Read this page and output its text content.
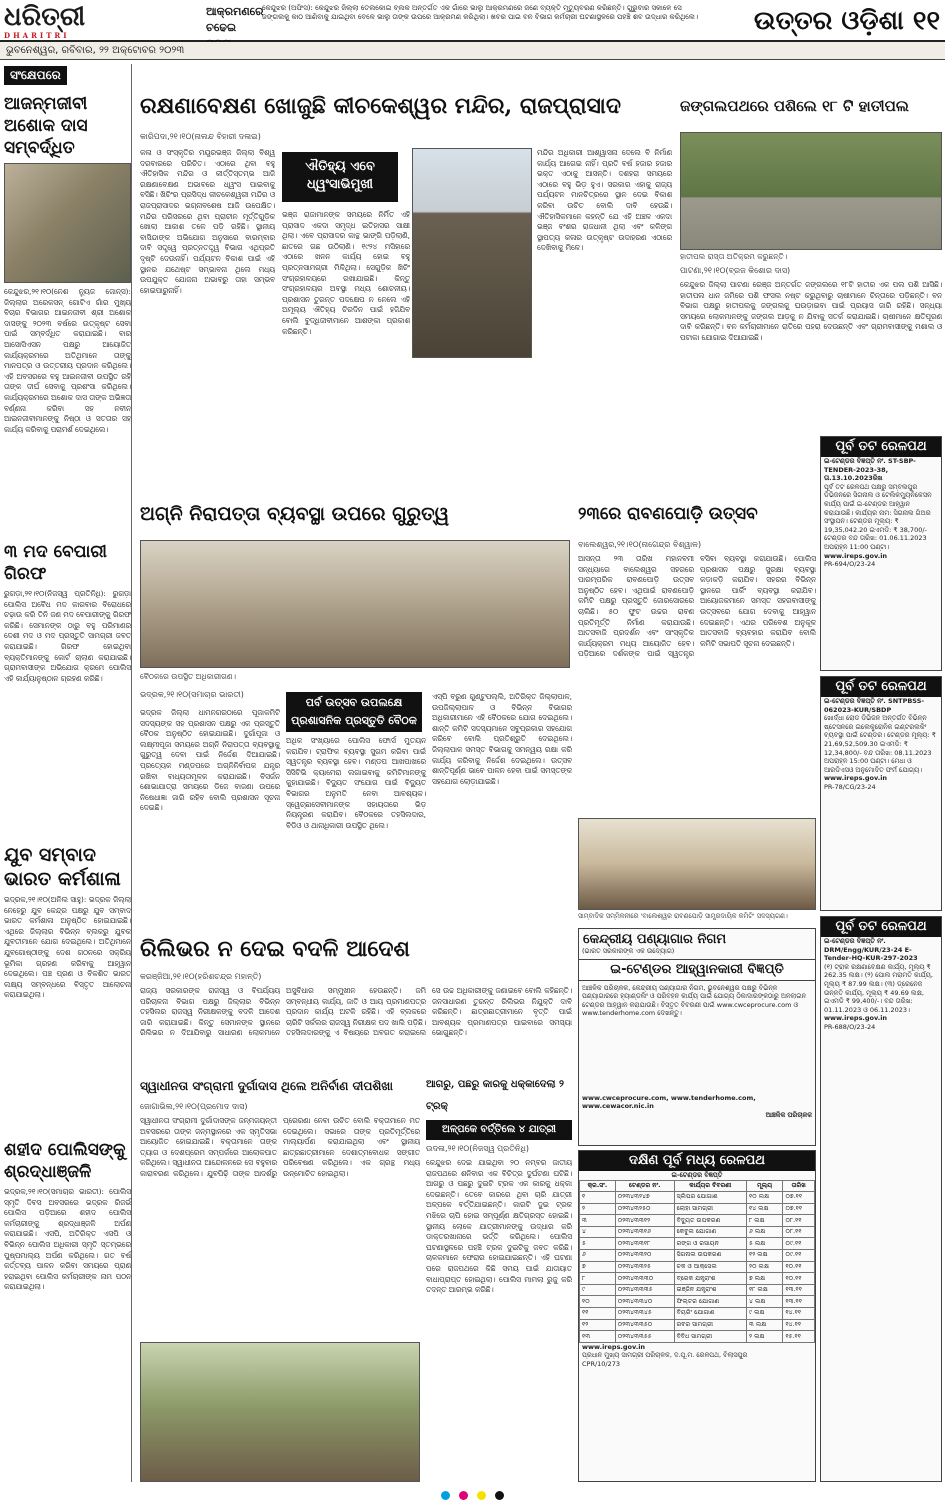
ଧରିତ୍ରୀ
DHARITRI
ଆକ୍ରମଣରେ ଚଢେଇ
କେନ୍ଦୁଝର (ଅଫିସ): କେନ୍ଦୁଝର ଜିଲ୍ଲା ତେଲକୋଇ ବ୍ଲକ ଅନ୍ତର୍ଗତ ଏକ ଗାଁରେ ଭାଲୁ ଆକ୍ରମଣରେ ଜଣେ ବ୍ୟକ୍ତି ମୃତ୍ୟୁବରଣ କରିଛନ୍ତି। ଗୁରୁବାର ସକାଳେ ସେ ଜଙ୍ଗଲକୁ କାଠ ଆଣିବାକୁ ଯାଇଥିବା ବେଳେ ଭାଲୁ ତାଙ୍କ ଉପରେ ଆକ୍ରମଣ କରିଥିଲା। ଖବର ପାଇ ବନ ବିଭାଗ କର୍ମଚାରୀ ଘଟଣାସ୍ଥଳରେ ପହଞ୍ଚି ଶବ ଉଦ୍ଧାର କରିଥିଲେ।	ଉତ୍ତର ଓଡ଼ିଶା ୧୧
ଭୁବନେଶ୍ୱର, ରବିବାର, ୨୨ ଅକ୍ଟୋବର ୨୦୨୩
ସଂକ୍ଷେପରେ
ଆଜନ୍ମଜୀବୀ ଅଶୋକ ଦାସ ସମ୍ବର୍ଦ୍ଧିତ
କେନ୍ଦୁଝର,୨୧।୧୦(ନେଶ ନ୍ୟୁଜ ଜୋନ୍ସ): ଜିଲ୍ଲାର ଅରେକସନ୍ ଗୋଟିଏ ଗାଁର ମୁଖ୍ୟ ବିଚାର ବିଭାଗର ଆଇନଜୀବୀ ଶ୍ରୀ ଅଶୋକ ଦାସଙ୍କୁ ୨୦୨୩ ବର୍ଷରେ ଉତ୍କୃଷ୍ଟ ସେବା ପାଇଁ ସମ୍ବର୍ଦ୍ଧିତ କରାଯାଇଛି। ବାର ଆସୋସିଏସନ ପକ୍ଷରୁ ଆୟୋଜିତ କାର୍ଯ୍ୟକ୍ରମରେ ଅତିଥିମାନେ ତାଙ୍କୁ ମାନପତ୍ର ଓ ଉତ୍ତରୀୟ ପ୍ରଦାନ କରିଥିଲେ। ଏହି ଅବସରରେ ବହୁ ଆଇନଜୀବୀ ଉପସ୍ଥିତ ରହି ତାଙ୍କ ଦୀର୍ଘ ସେବାକୁ ପ୍ରଶଂସା କରିଥିଲେ। କାର୍ଯ୍ୟକ୍ରମରେ ଅଶୋକ ଦାସ ତାଙ୍କ ଅଭିଜ୍ଞତା ବର୍ଣ୍ଣନା କରିବା ସହ ନବୀନ ଆଇନଜୀବୀମାନଙ୍କୁ ନିଷ୍ଠା ଓ ସତତାର ସହ କାର୍ଯ୍ୟ କରିବାକୁ ପରାମର୍ଶ ଦେଇଥିଲେ।
୩ ମଦ ବେପାରୀ ଗିରଫ
ରୁଗଡ଼ା,୨୧।୧୦(ନିଜସ୍ୱ ପ୍ରତିନିଧି): ରୁଗଡ଼ା ପୋଲିସ ଅବୈଧ ମଦ କାରବାର ବିରୋଧରେ ଚଢ଼ାଉ କରି ତିନି ଜଣ ମଦ ବେପାରୀଙ୍କୁ ଗିରଫ କରିଛି। ସେମାନଙ୍କ ଠାରୁ ବହୁ ପରିମାଣର ଦେଶୀ ମଦ ଓ ମଦ ପ୍ରସ୍ତୁତି ସାମଗ୍ରୀ ଜବତ କରାଯାଇଛି। ଗିରଫ ହୋଇଥିବା ବ୍ୟକ୍ତିମାନଙ୍କୁ କୋର୍ଟ ଚାଲାଣ କରାଯାଇଛି। ଗ୍ରାମବାସୀଙ୍କ ଅଭିଯୋଗ କ୍ରମେ ପୋଲିସ ଏହି କାର୍ଯ୍ୟାନୁଷ୍ଠାନ ଗ୍ରହଣ କରିଛି।
ଯୁବ ସମ୍ବାଦ ଭାରତ କର୍ମଶାଳା
ଭଦ୍ରକ,୨୧।୧୦(ଅନିଲ ସାହୁ): ଭଦ୍ରକ ଜିଲ୍ଲା ନେହେରୁ ଯୁବ କେନ୍ଦ୍ର ପକ୍ଷରୁ ଯୁବ ସମ୍ବାଦ ଭାରତ କର୍ମଶାଳା ଅନୁଷ୍ଠିତ ହୋଇଯାଇଛି। ଏଥିରେ ଜିଲ୍ଲାର ବିଭିନ୍ନ ବ୍ଲକରୁ ଯୁବକ ଯୁବତୀମାନେ ଯୋଗ ଦେଇଥିଲେ। ଅତିଥିମାନେ ଯୁବଗୋଷ୍ଠୀଙ୍କୁ ଦେଶ ଗଠନରେ ସକ୍ରିୟ ଭୂମିକା ଗ୍ରହଣ କରିବାକୁ ଆହ୍ୱାନ ଦେଇଥିଲେ। ପଞ୍ଚ ପ୍ରଣ ଓ ବିକଶିତ ଭାରତ ଲକ୍ଷ୍ୟ ସମ୍ବନ୍ଧରେ ବିସ୍ତୃତ ଆଲୋଚନା କରାଯାଇଥିଲା।
ଶହୀଦ ପୋଲିସଙ୍କୁ ଶ୍ରଦ୍ଧାଞ୍ଜଳି
ଭଦ୍ରକ,୨୧।୧୦(ସମାଚାର ଭାରତୀ): ପୋଲିସ ସ୍ମୃତି ଦିବସ ଅବସରରେ ଭଦ୍ରକ ରିଜର୍ଭ ପୋଲିସ ପଡ଼ିଆରେ ଶହୀଦ ପୋଲିସ କର୍ମଚାରୀଙ୍କୁ ଶ୍ରଦ୍ଧାଞ୍ଜଳି ଅର୍ପଣ କରାଯାଇଛି। ଏସପି, ଅତିରିକ୍ତ ଏସପି ଓ ବିଭିନ୍ନ ପୋଲିସ ଅଧିକାରୀ ସ୍ମୃତି ସ୍ତମ୍ଭରେ ପୁଷ୍ପମାଲ୍ୟ ଅର୍ପଣ କରିଥିଲେ। ଗତ ବର୍ଷ କର୍ତ୍ତବ୍ୟ ପାଳନ କରିବା ସମୟରେ ପ୍ରାଣ ହରାଇଥିବା ପୋଲିସ କର୍ମଚାରୀଙ୍କ ନାମ ପଠନ କରାଯାଇଥିଲା।
ରକ୍ଷଣାବେକ୍ଷଣ ଖୋଜୁଛି କୀଚକେଶ୍ୱର ମନ୍ଦିର, ରାଜପ୍ରାସାଦ
କାରିପଦା,୨୧।୧୦(ନାଲନ୍ଦ ବିହାରୀ ଦଳାଇ)
ଐତିହ୍ୟ ଏବେ ଧ୍ୱଂସାଭିମୁଖୀ
କଳା ଓ ସଂସ୍କୃତିର ମୟୂରଭଞ୍ଜ ଜିଲ୍ଲା ବିଶ୍ୱ ଦରବାରରେ ପରିଚିତ। ଏଠାରେ ଥିବା ବହୁ ଐତିହାସିକ ମନ୍ଦିର ଓ କୀର୍ତ୍ତିସ୍ତମ୍ଭ ଆଜି ରକ୍ଷଣାବେକ୍ଷଣ ଅଭାବରେ ଧ୍ୱଂସ ପାଇବାକୁ ବସିଛି। ଖିଚିଂର ପ୍ରସିଦ୍ଧ କୀଚକେଶ୍ୱରୀ ମନ୍ଦିର ଓ ରାଜପ୍ରାସାଦର ଭଗ୍ନାବଶେଷ ଆଜି ଉପେକ୍ଷିତ। ମନ୍ଦିର ପରିସରରେ ଥିବା ପ୍ରାଚୀନ ମୂର୍ତ୍ତିଗୁଡ଼ିକ ଖୋଲା ଆକାଶ ତଳେ ପଡ଼ି ରହିଛି। ସ୍ଥାନୀୟ ବାସିନ୍ଦାଙ୍କ ଅଭିଯୋଗ ଅନୁସାରେ ବାରମ୍ବାର ଦାବି ସତ୍ତ୍ୱେ ପ୍ରତ୍ନତତ୍ତ୍ୱ ବିଭାଗ ଏଥିପ୍ରତି ଦୃଷ୍ଟି ଦେଉନାହିଁ। ପର୍ଯ୍ୟଟନ ବିକାଶ ପାଇଁ ଏହି ସ୍ଥାନର ଯଥେଷ୍ଟ ସମ୍ଭାବନା ଥିଲେ ମଧ୍ୟ ଉପଯୁକ୍ତ ଯୋଜନା ଅଭାବରୁ ତାହା ସମ୍ଭବ ହୋଇପାରୁନାହିଁ।
ଭଞ୍ଜ ରାଜାମାନଙ୍କ ସମୟରେ ନିର୍ମିତ ଏହି ପ୍ରାସାଦ ଏକଦା ସମୃଦ୍ଧ ଇତିହାସର ସାକ୍ଷୀ ଥିଲା। ଏବେ ପ୍ରାସାଦର କାନ୍ଥ ଭାଙ୍ଗି ପଡ଼ିଲାଣି, ଛାତରେ ଗଛ ଉଠିଲାଣି। ୧୯୨୪ ମସିହାରେ ଏଠାରେ ଖନନ କାର୍ଯ୍ୟ ହୋଇ ବହୁ ପ୍ରତ୍ନସାମଗ୍ରୀ ମିଳିଥିଲା। ସେଗୁଡ଼ିକ ଖିଚିଂ ସଂଗ୍ରହାଳୟରେ ରଖାଯାଇଛି। କିନ୍ତୁ ସଂଗ୍ରହାଳୟର ଅବସ୍ଥା ମଧ୍ୟ ଶୋଚନୀୟ। ପ୍ରଶାସନ ତୁରନ୍ତ ପଦକ୍ଷେପ ନ ନେଲେ ଏହି ଅମୂଲ୍ୟ ଐତିହ୍ୟ ଚିରଦିନ ପାଇଁ ହଜିଯିବ ବୋଲି ବୁଦ୍ଧିଜୀବୀମାନେ ଆଶଙ୍କା ପ୍ରକାଶ କରିଛନ୍ତି।
ମନ୍ଦିର ଅଧିକାରୀ ଆଶ୍ୱାସନା ଦେଲେ ବି ନିର୍ମାଣ କାର୍ଯ୍ୟ ଆଗେଇ ନାହିଁ। ପ୍ରତି ବର୍ଷ ହଜାର ହଜାର ଭକ୍ତ ଏଠାକୁ ଆସନ୍ତି। ଦଶହରା ସମୟରେ ଏଠାରେ ବହୁ ଭିଡ଼ ହୁଏ। ସରକାର ଏହାକୁ ରାଜ୍ୟ ପର୍ଯ୍ୟଟନ ମାନଚିତ୍ରରେ ସ୍ଥାନ ଦେଇ ବିକାଶ କରିବା ଉଚିତ ବୋଲି ଦାବି ହେଉଛି। ଐତିହାସିକମାନେ କହନ୍ତି ଯେ ଏହି ଅଞ୍ଚଳ ଏକଦା ଭଞ୍ଜ ବଂଶର ରାଜଧାନୀ ଥିଲା ଏବଂ କଳିଙ୍ଗ ସ୍ଥାପତ୍ୟ କଳାର ଉତ୍କୃଷ୍ଟ ଉଦାହରଣ ଏଠାରେ ଦେଖିବାକୁ ମିଳେ।
ଜଙ୍ଗଲପଥରେ ପଶିଲେ ୧୮ ଟି ହାତୀପଲ
ହାତୀପଲ ରାସ୍ତା ଅତିକ୍ରମ କରୁଛନ୍ତି।
ପାଟଣା,୨୧।୧୦(ବ୍ରଜ କିଶୋର ଦାସ)
କେନ୍ଦୁଝର ଜିଲ୍ଲା ପାଟଣା ରେଞ୍ଜ ଅନ୍ତର୍ଗତ ଜଙ୍ଗଲରେ ୧୮ଟି ହାତୀର ଏକ ପଲ ପଶି ଆସିଛି। ହାତୀପଲ ଧାନ ଜମିରେ ପଶି ଫସଲ ନଷ୍ଟ କରୁଥିବାରୁ ଚାଷୀମାନେ ଚିନ୍ତାରେ ପଡ଼ିଛନ୍ତି। ବନ ବିଭାଗ ପକ୍ଷରୁ ହାତୀପଲକୁ ଜଙ୍ଗଲକୁ ଘଉଡ଼ାଇବା ପାଇଁ ପ୍ରୟାସ ଜାରି ରହିଛି। ସନ୍ଧ୍ୟା ସମୟରେ ଲୋକମାନଙ୍କୁ ଜଙ୍ଗଲ ଆଡ଼କୁ ନ ଯିବାକୁ ସତର୍କ କରାଯାଇଛି। ଚାଷୀମାନେ କ୍ଷତିପୂରଣ ଦାବି କରିଛନ୍ତି। ବନ କର୍ମଚାରୀମାନେ ରାତିରେ ପହରା ଦେଉଛନ୍ତି ଏବଂ ଗ୍ରାମବାସୀଙ୍କୁ ମଶାଲ ଓ ପଟାକା ଯୋଗାଇ ଦିଆଯାଇଛି।
ପୂର୍ବ ତଟ ରେଳପଥ
ଇ-ଟେଣ୍ଡର ବିଜ୍ଞପ୍ତି ନଂ. ST-SBP-TENDER-2023-38, ତା.13.10.2023ରିଖ
ପୂର୍ବ ତଟ ରେଳପଥ ପକ୍ଷରୁ ସମ୍ବଲପୁର ଡିଭିଜନରେ ସିଗନାଲ ଓ ଟେଲିକମ୍ୟୁନିକେସନ କାର୍ଯ୍ୟ ପାଇଁ ଇ-ଟେଣ୍ଡର ଆହ୍ୱାନ କରାଯାଉଛି। କାର୍ଯ୍ୟର ନାମ: ସିଗନାଲ ଗିଅର ସଂସ୍ଥାପନ। ଟେଣ୍ଡର ମୂଲ୍ୟ: ₹ 19,35,042.20 ଇଏମଡି: ₹ 38,700/- ଟେଣ୍ଡର ବନ୍ଦ ତାରିଖ: 01.06.11.2023 ଅପରାହ୍ନ 11:00 ଘଣ୍ଟା।
www.ireps.gov.in
PR-694/O/23-24
ପୂର୍ବ ତଟ ରେଳପଥ
ଇ-ଟେଣ୍ଡର ବିଜ୍ଞପ୍ତି ନଂ. SNTPBSS-062023-KUR/SBDP
ଖୋର୍ଦ୍ଧା ରୋଡ ଡିଭିଜନ ଅନ୍ତର୍ଗତ ବିଭିନ୍ନ ଷ୍ଟେସନରେ ଇଲେକ୍ଟ୍ରୋନିକ ଇଣ୍ଟରଲକିଂ ବ୍ୟବସ୍ଥା ପାଇଁ ଟେଣ୍ଡର। ଟେଣ୍ଡର ମୂଲ୍ୟ: ₹ 21,69,52,509.30 ଇଏମଡି: ₹ 12,34,800/- ବନ୍ଦ ତାରିଖ: 08.11.2023 ଅପରାହ୍ନ 15:00 ଘଣ୍ଟା। ମେଧା ଓ ଆରଡିଏସଓ ଅନୁମୋଦିତ ଫର୍ମ ଯୋଗ୍ୟ।
www.ireps.gov.in
PR-78/CG/23-24
ପୂର୍ବ ତଟ ରେଳପଥ
ଇ-ଟେଣ୍ଡର ବିଜ୍ଞପ୍ତି ନଂ. DRM/Engg/KUR/23-24 E-Tender-HQ-KUR-297-2023
(୧) ଟ୍ରାକ ରକ୍ଷଣାବେକ୍ଷଣ କାର୍ଯ୍ୟ, ମୂଲ୍ୟ ₹ 262.35 ଲକ୍ଷ। (୨) ପୋଲ ମରାମତି କାର୍ଯ୍ୟ, ମୂଲ୍ୟ ₹ 87.99 ଲକ୍ଷ। (୩) ଡ୍ରେନେଜ ଉନ୍ନତି କାର୍ଯ୍ୟ, ମୂଲ୍ୟ ₹ 49.69 ଲକ୍ଷ, ଇଏମଡି ₹ 99,400/-। ବନ୍ଦ ତାରିଖ: 01.11.2023 ଓ 06.11.2023।
www.ireps.gov.in
PR-688/O/23-24
ଅଗ୍ନି ନିରାପତ୍ତା ବ୍ୟବସ୍ଥା ଉପରେ ଗୁରୁତ୍ୱ
ବୈଠକରେ ଉପସ୍ଥିତ ଅଧିକାରୀଗଣ।
ଭଦ୍ରକ,୨୧।୧୦(ସମାଚାର ଭାରତୀ)
ପର୍ବ ଉତ୍ସବ ଉପଲକ୍ଷେ ପ୍ରଶାସନିକ ପ୍ରସ୍ତୁତି ବୈଠକ
ଭଦ୍ରକ ଜିଲ୍ଲା ଧାମନଗରଠାରେ ପୂଜାକମିଟି ସଦସ୍ୟଙ୍କ ସହ ପ୍ରଶାସନ ପକ୍ଷରୁ ଏକ ପ୍ରସ୍ତୁତି ବୈଠକ ଅନୁଷ୍ଠିତ ହୋଇଯାଇଛି। ଦୁର୍ଗାପୂଜା ଓ ଲକ୍ଷ୍ମୀପୂଜା ସମୟରେ ଅଗ୍ନି ନିରାପତ୍ତା ବ୍ୟବସ୍ଥାକୁ ଗୁରୁତ୍ୱ ଦେବା ପାଇଁ ନିର୍ଦ୍ଦେଶ ଦିଆଯାଇଛି। ପ୍ରତ୍ୟେକ ମଣ୍ଡପରେ ଅଗ୍ନିନିର୍ବାପକ ଯନ୍ତ୍ର ରଖିବା ବାଧ୍ୟତାମୂଳକ କରାଯାଇଛି। ବିସର୍ଜନ ଶୋଭାଯାତ୍ରା ସମୟରେ ଡିଜେ ବାଜଣା ଉପରେ ନିଷେଧାଜ୍ଞା ଜାରି ରହିବ ବୋଲି ପ୍ରଶାସନ ସୂଚନା ଦେଇଛି।
ଅଧିକ ସଂଖ୍ୟାରେ ପୋଲିସ ଫୋର୍ସ ମୁତୟନ କରାଯିବ। ଟ୍ରାଫିକ ବ୍ୟବସ୍ଥା ସୁଗମ କରିବା ପାଇଁ ସ୍ୱତନ୍ତ୍ର ବ୍ୟବସ୍ଥା ହେବ। ମଣ୍ଡପ ଆଖପାଖରେ ସିସିଟିଭି କ୍ୟାମେରା ଲଗାଇବାକୁ କମିଟିମାନଙ୍କୁ କୁହାଯାଇଛି। ବିଦ୍ୟୁତ ସଂଯୋଗ ପାଇଁ ବିଦ୍ୟୁତ ବିଭାଗର ଅନୁମତି ନେବା ଆବଶ୍ୟକ। ସ୍ୱେଚ୍ଛାସେବୀମାନଙ୍କ ସହାୟତାରେ ଭିଡ଼ ନିୟନ୍ତ୍ରଣ କରାଯିବ। ବୈଠକରେ ତହସିଲଦାର, ବିଡିଓ ଓ ଥାନାଧିକାରୀ ଉପସ୍ଥିତ ଥିଲେ।
ଏସ୍‌ପି ବରୁଣ ଗୁଣ୍ଟୁପଲ୍ଲି, ଅତିରିକ୍ତ ଜିଲ୍ଲାପାଳ, ଉପଜିଲ୍ଲାପାଳ ଓ ବିଭିନ୍ନ ବିଭାଗର ଅଧିକାରୀମାନେ ଏହି ବୈଠକରେ ଯୋଗ ଦେଇଥିଲେ। ଶାନ୍ତି କମିଟି ସଦସ୍ୟମାନେ ସବୁପ୍ରକାର ସହଯୋଗ କରିବେ ବୋଲି ପ୍ରତିଶ୍ରୁତି ଦେଇଥିଲେ। ଜିଲ୍ଲାପାଳ ସମସ୍ତ ବିଭାଗକୁ ସମନ୍ୱୟ ରକ୍ଷା କରି କାର୍ଯ୍ୟ କରିବାକୁ ନିର୍ଦ୍ଦେଶ ଦେଇଥିଲେ। ଉତ୍ସବ ଶାନ୍ତିପୂର୍ଣ୍ଣ ଭାବେ ପାଳନ ହେବା ପାଇଁ ସମସ୍ତଙ୍କ ସହଯୋଗ ଲୋଡ଼ାଯାଇଛି।
୨୩ରେ ରାବଣପୋଡ଼ି ଉତ୍ସବ
ବାଲେଶ୍ୱର,୨୧।୧୦(ନାଗେନ୍ଦ୍ର ବିଶ୍ୱାଳ)
ଆସନ୍ତା ୨୩ ତାରିଖ ମହାନବମୀ ସନ୍ଧ୍ୟାରେ ବାଲେଶ୍ୱର ସହରରେ ପାରମ୍ପରିକ ରାବଣପୋଡ଼ି ଉତ୍ସବ ଅନୁଷ୍ଠିତ ହେବ। ଏଥିପାଇଁ ରାବଣପୋଡ଼ି କମିଟି ପକ୍ଷରୁ ପ୍ରସ୍ତୁତି ଜୋରସୋରରେ ଚାଲିଛି। ୫୦ ଫୁଟ ଉଚ୍ଚର ରାବଣ ପ୍ରତିମୂର୍ତ୍ତି ନିର୍ମାଣ କରାଯାଉଛି। ଆତସବାଜି ପ୍ରଦର୍ଶନ ଏବଂ ସାଂସ୍କୃତିକ କାର୍ଯ୍ୟକ୍ରମ ମଧ୍ୟ ଆୟୋଜିତ ହେବ। ପଡ଼ିଆରେ ଦର୍ଶକଙ୍କ ପାଇଁ ସ୍ୱତନ୍ତ୍ର ବସିବା ବ୍ୟବସ୍ଥା କରାଯାଉଛି। ପୋଲିସ ପ୍ରଶାସନ ପକ୍ଷରୁ ସୁରକ୍ଷା ବ୍ୟବସ୍ଥା କଡ଼ାକଡ଼ି କରାଯିବ। ସହରର ବିଭିନ୍ନ ସ୍ଥାନରେ ପାର୍କିଂ ବ୍ୟବସ୍ଥା କରାଯିବ। ଆୟୋଜକମାନେ ସମସ୍ତ ସହରବାସୀଙ୍କୁ ଉତ୍ସବରେ ଯୋଗ ଦେବାକୁ ଆହ୍ୱାନ ଦେଇଛନ୍ତି। ଏଥର ପରିବେଶ ଅନୁକୂଳ ଆତସବାଜି ବ୍ୟବହାର କରାଯିବ ବୋଲି କମିଟି ସଭାପତି ସୂଚନା ଦେଇଛନ୍ତି।
ସାମ୍ବାଦିକ ସମ୍ମିଳନୀରେ 'ବାଲେଶ୍ୱର ରାବଣପୋଡ଼ି ସାମ୍ପ୍ରଦାୟିକ କମିଟି' ସଦସ୍ୟଗଣ।
ରିଲିଭର ନ ଦେଇ ବଦଳି ଆଦେଶ
କରଞ୍ଜିଆ,୨୧।୧୦(ହରିଶଚନ୍ଦ୍ର ମହାନ୍ତି)
ରାଜ୍ୟ ସରକାରଙ୍କ ରାଜସ୍ୱ ଓ ବିପର୍ଯ୍ୟୟ ପରିଚାଳନା ବିଭାଗ ପକ୍ଷରୁ ଜିଲ୍ଲାର ବିଭିନ୍ନ ତହସିଲର ରାଜସ୍ୱ ନିରୀକ୍ଷକଙ୍କୁ ବଦଳି ଆଦେଶ ଜାରି କରାଯାଇଛି। କିନ୍ତୁ ସେମାନଙ୍କ ସ୍ଥାନରେ ରିଲିଭର ନ ଦିଆଯିବାରୁ ସାଧାରଣ ଲୋକମାନେ ଅସୁବିଧାର ସମ୍ମୁଖୀନ ହେଉଛନ୍ତି। ଜମି ସମ୍ବନ୍ଧୀୟ କାର୍ଯ୍ୟ, ଜାତି ଓ ଆୟ ପ୍ରମାଣପତ୍ର ପ୍ରଦାନ କାର୍ଯ୍ୟ ଅଟକି ରହିଛି। ଏହି ବ୍ଲକରେ ଚାରିଟି ସର୍କଲର ରାଜସ୍ୱ ନିରୀକ୍ଷକ ପଦ ଖାଲି ପଡ଼ିଛି। ତହସିଲଦାରଙ୍କୁ ଏ ବିଷୟରେ ଅବଗତ କରାଇଲେ ସେ ଉଚ୍ଚ ଅଧିକାରୀଙ୍କୁ ଜଣାଇବେ ବୋଲି କହିଛନ୍ତି। ଜନସାଧାରଣ ତୁରନ୍ତ ରିଲିଭର ନିଯୁକ୍ତି ଦାବି କରିଛନ୍ତି। ଛାତ୍ରଛାତ୍ରୀମାନେ ବୃତ୍ତି ପାଇଁ ଆବଶ୍ୟକ ପ୍ରମାଣପତ୍ର ପାଇବାରେ ସମସ୍ୟା ଭୋଗୁଛନ୍ତି।
ସ୍ୱାଧୀନତା ସଂଗ୍ରାମୀ ଦୁର୍ଗାଦାସ ଥିଲେ ଅନିର୍ବାଣ ଦୀପଶିଖା
ଜୋଗାଭିଲ,୨୧।୧୦(ପ୍ରମୋଦ ଦାସ)
ସ୍ୱାଧୀନତା ସଂଗ୍ରାମୀ ଦୁର୍ଗାଦାସଙ୍କ ଜନ୍ମଜୟନ୍ତୀ ଅବସରରେ ତାଙ୍କ ଜନ୍ମସ୍ଥାନରେ ଏକ ସ୍ମୃତିସଭା ଆୟୋଜିତ ହୋଇଯାଇଛି। ବକ୍ତାମାନେ ତାଙ୍କ ତ୍ୟାଗ ଓ ଦେଶପ୍ରେମ ସମ୍ପର୍କରେ ଆଲୋକପାତ କରିଥିଲେ। ସ୍ୱାଧୀନତା ଆନ୍ଦୋଳନରେ ସେ ବହୁବାର କାରାବରଣ କରିଥିଲେ। ଯୁବପିଢ଼ି ତାଙ୍କ ଆଦର୍ଶରୁ ପ୍ରେରଣା ନେବା ଉଚିତ ବୋଲି ବକ୍ତାମାନେ ମତ ଦେଇଥିଲେ। ସଭାରେ ତାଙ୍କ ପ୍ରତିମୂର୍ତ୍ତିରେ ମାଲ୍ୟାର୍ପଣ କରାଯାଇଥିଲା ଏବଂ ସ୍ଥାନୀୟ ଛାତ୍ରଛାତ୍ରୀମାନେ ଦେଶାତ୍ମବୋଧକ ସଙ୍ଗୀତ ପରିବେଷଣ କରିଥିଲେ। ଏକ ଗ୍ରନ୍ଥ ମଧ୍ୟ ଉନ୍ମୋଚିତ ହୋଇଥିଲା।
ଆଗରୁ, ପଛରୁ କାରକୁ ଧକ୍କାଦେଲା ୨ ଟ୍ରକ୍‌
ଅଳ୍ପକେ ବର୍ତ୍ତିଲେ ୪ ଯାତ୍ରୀ
ଉଦଳା,୨୧।୧୦(ନିଜସ୍ୱ ପ୍ରତିନିଧି)
କେନ୍ଦୁଝର ଦେଇ ଯାଇଥିବା ୨୦ ନମ୍ବର ଜାତୀୟ ରାଜପଥରେ ଶନିବାର ଏକ ବିଚିତ୍ର ଦୁର୍ଘଟଣା ଘଟିଛି। ଆଗରୁ ଓ ପଛରୁ ଦୁଇଟି ଟ୍ରକ ଏକ କାରକୁ ଧକ୍କା ଦେଇଛନ୍ତି। ତେବେ କାରରେ ଥିବା ଚାରି ଯାତ୍ରୀ ଅଳ୍ପକେ ବର୍ତ୍ତିଯାଇଛନ୍ତି। କାରଟି ଦୁଇ ଟ୍ରକ ମଝିରେ ଚାପି ହୋଇ ସମ୍ପୂର୍ଣ୍ଣ କ୍ଷତିଗ୍ରସ୍ତ ହୋଇଛି। ସ୍ଥାନୀୟ ଲୋକେ ଯାତ୍ରୀମାନଙ୍କୁ ଉଦ୍ଧାର କରି ଡାକ୍ତରଖାନାରେ ଭର୍ତ୍ତି କରିଥିଲେ। ପୋଲିସ ଘଟଣାସ୍ଥଳରେ ପହଞ୍ଚି ଟ୍ରକ ଦୁଇଟିକୁ ଜବତ କରିଛି। ଚାଳକମାନେ ଫେରାର ହୋଇଯାଇଛନ୍ତି। ଏହି ଘଟଣା ପରେ ରାଜପଥରେ କିଛି ସମୟ ପାଇଁ ଯାତାୟାତ ବାଧାପ୍ରାପ୍ତ ହୋଇଥିଲା। ପୋଲିସ ମାମଲା ରୁଜୁ କରି ତଦନ୍ତ ଆରମ୍ଭ କରିଛି।
କେନ୍ଦ୍ରୀୟ ପଣ୍ୟାଗାର ନିଗମ
(ଭାରତ ସରକାରଙ୍କ ଏକ ଉଦ୍ୟୋଗ)
ଇ-ଟେଣ୍ଡର ଆହ୍ୱାନକାରୀ ବିଜ୍ଞପ୍ତି
ଆଞ୍ଚଳିକ ପରିଚାଳକ, କେନ୍ଦ୍ରୀୟ ପଣ୍ୟାଗାର ନିଗମ, ଭୁବନେଶ୍ୱର ପକ୍ଷରୁ ବିଭିନ୍ନ ପଣ୍ୟାଗାରରେ ହ୍ୟାଣ୍ଡଲିଂ ଓ ପରିବହନ କାର୍ଯ୍ୟ ପାଇଁ ଯୋଗ୍ୟ ଠିକାଦାରଙ୍କଠାରୁ ଅନଲାଇନ ଟେଣ୍ଡର ଆହ୍ୱାନ କରାଯାଉଛି। ବିସ୍ତୃତ ବିବରଣୀ ପାଇଁ www.cwceprocure.com ଓ www.tenderhome.com ଦେଖନ୍ତୁ।
www.cwceprocure.com, www.tenderhome.com, www.cewacor.nic.in
ଆଞ୍ଚଳିକ ପରିଚାଳକ
ଦକ୍ଷିଣ ପୂର୍ବ ମଧ୍ୟ ରେଳପଥ
ଇ-ଟେଣ୍ଡର ବିଜ୍ଞପ୍ତି
କ୍ର.ସଂ.	ଟେଣ୍ଡର ନଂ.	କାର୍ଯ୍ୟର ବିବରଣୀ	ମୂଲ୍ୟ	ତାରିଖ
୧	୦୨୩୪୩୨୪୭	ସ୍ଲିପର ଯୋଗାଣ	୧୦ ଲକ୍ଷ	୦୭.୧୧
୨	୦୨୩୪୩୨୫୦	ଲୋହା ସାମଗ୍ରୀ	୧୪ ଲକ୍ଷ	୦୭.୧୧
୩	୦୨୩୪୩୩୧୨	ବିଦ୍ୟୁତ ଉପକରଣ	୮ ଲକ୍ଷ	୦୮.୧୧
୪	୦୨୩୪୩୩୧୬	କେବୁଲ ଯୋଗାଣ	୬ ଲକ୍ଷ	୦୮.୧୧
୫	୦୨୩୪୩୩୧୮	ରଙ୍ଗ ଓ ରସାୟନ	୫ ଲକ୍ଷ	୦୯.୧୧
୬	୦୨୩୪୩୩୨୦	ସିଗନାଲ ଉପକରଣ	୧୨ ଲକ୍ଷ	୦୯.୧୧
୭	୦୨୩୪୩୩୨୫	ଚକ ଓ ଆକ୍ସେଲ	୨୦ ଲକ୍ଷ	୧୦.୧୧
୮	୦୨୩୪୩୩୩୦	ବ୍ରେକ ଯନ୍ତ୍ରାଂଶ	୭ ଲକ୍ଷ	୧୦.୧୧
୯	୦୨୩୪୩୩୩୫	ଇଞ୍ଜିନ ଯନ୍ତ୍ରାଂଶ	୧୮ ଲକ୍ଷ	୧୩.୧୧
୧୦	୦୨୩୪୩୩୪୦	ଫିଲ୍ଟର ଯୋଗାଣ	୪ ଲକ୍ଷ	୧୩.୧୧
୧୧	୦୨୩୪୩୩୪୫	ବିୟରିଂ ଯୋଗାଣ	୯ ଲକ୍ଷ	୧୪.୧୧
୧୨	୦୨୩୪୩୩୫୦	ରବର ସାମଗ୍ରୀ	୩ ଲକ୍ଷ	୧୪.୧୧
୧୩	୦୨୩୪୩୩୫୫	ବିବିଧ ସାମଗ୍ରୀ	୨ ଲକ୍ଷ	୧୫.୧୧
www.ireps.gov.in
ପ୍ରଧାନ ମୁଖ୍ୟ ସାମଗ୍ରୀ ପରିଚାଳକ, ଦ.ପୂ.ମ. ରେଳପଥ, ବିଲାସପୁର
CPR/10/273
